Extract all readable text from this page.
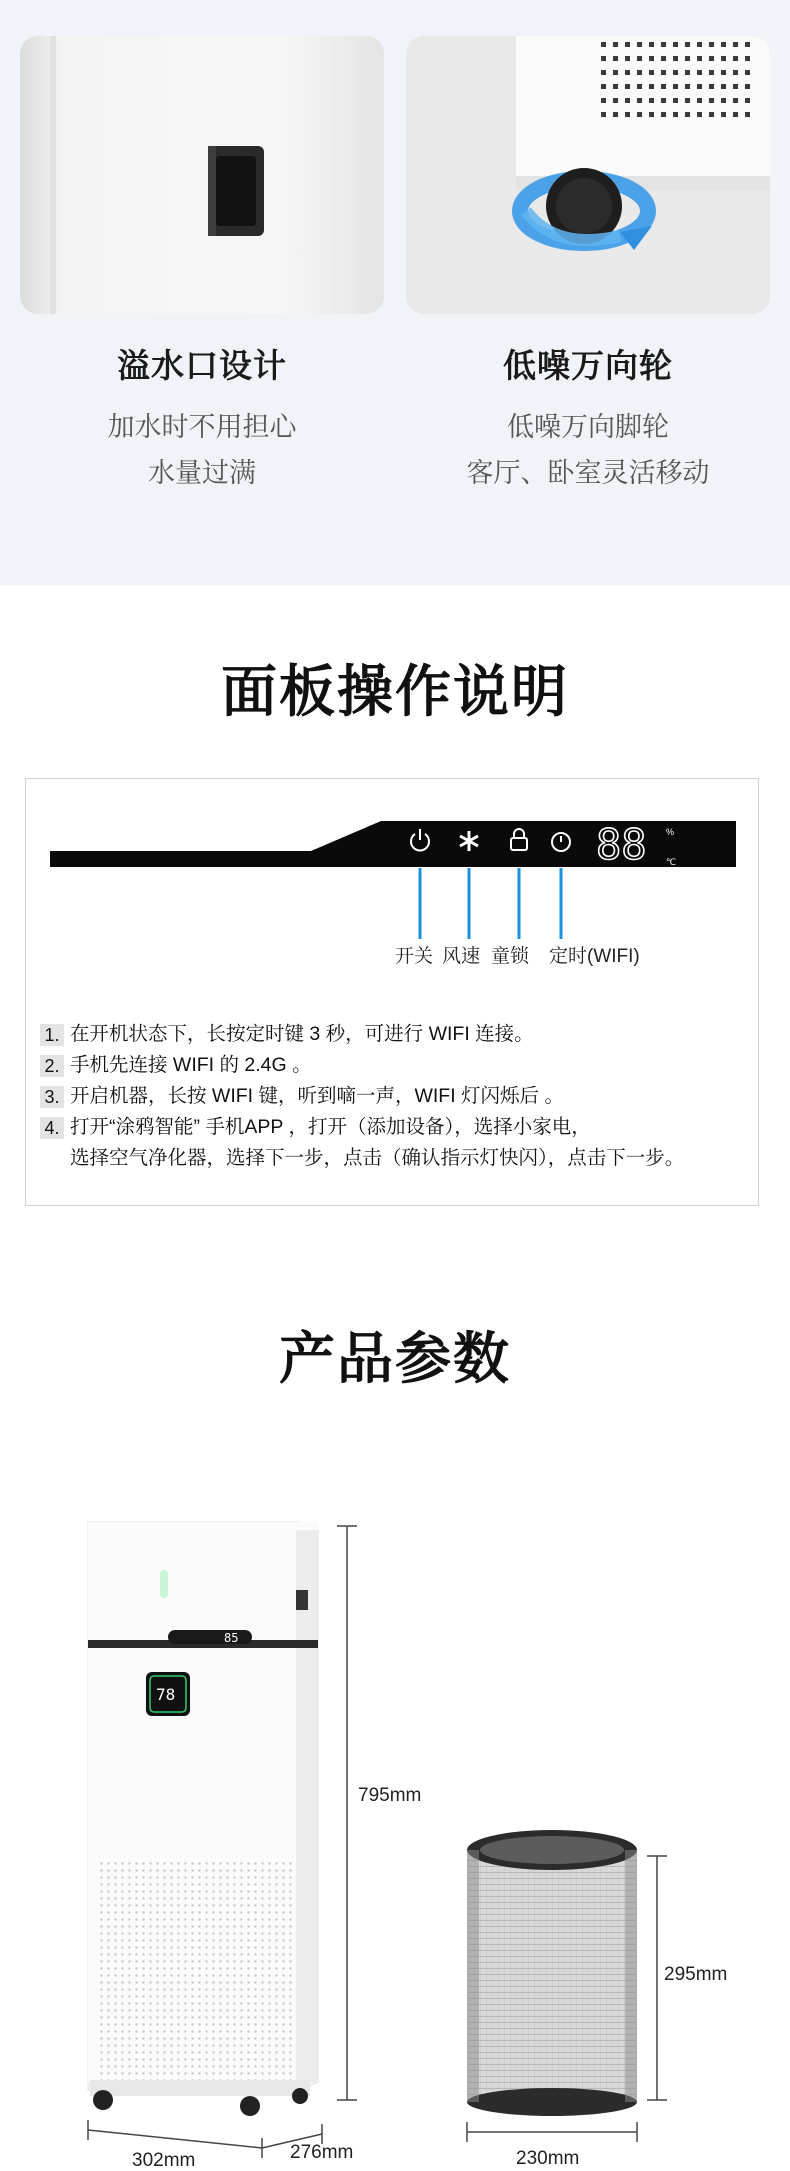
溢水口设计
加水时不用担心
水量过满
低噪万向轮
低噪万向脚轮
客厅、卧室灵活移动
面板操作说明
88 %
℃
开关 风速 童锁 定时(WIFI)
1. 在开机状态下，长按定时键 3 秒，可进行 WIFI 连接。
2. 手机先连接 WIFI 的 2.4G 。
3. 开启机器，长按 WIFI 键，听到嘀一声，WIFI 灯闪烁后 。
4. 打开“涂鸦智能” 手机APP ，打开（添加设备），选择小家电，
选择空气净化器，选择下一步，点击（确认指示灯快闪），点击下一步。
产品参数
85
78
795mm
302mm	276mm
295mm
230mm
